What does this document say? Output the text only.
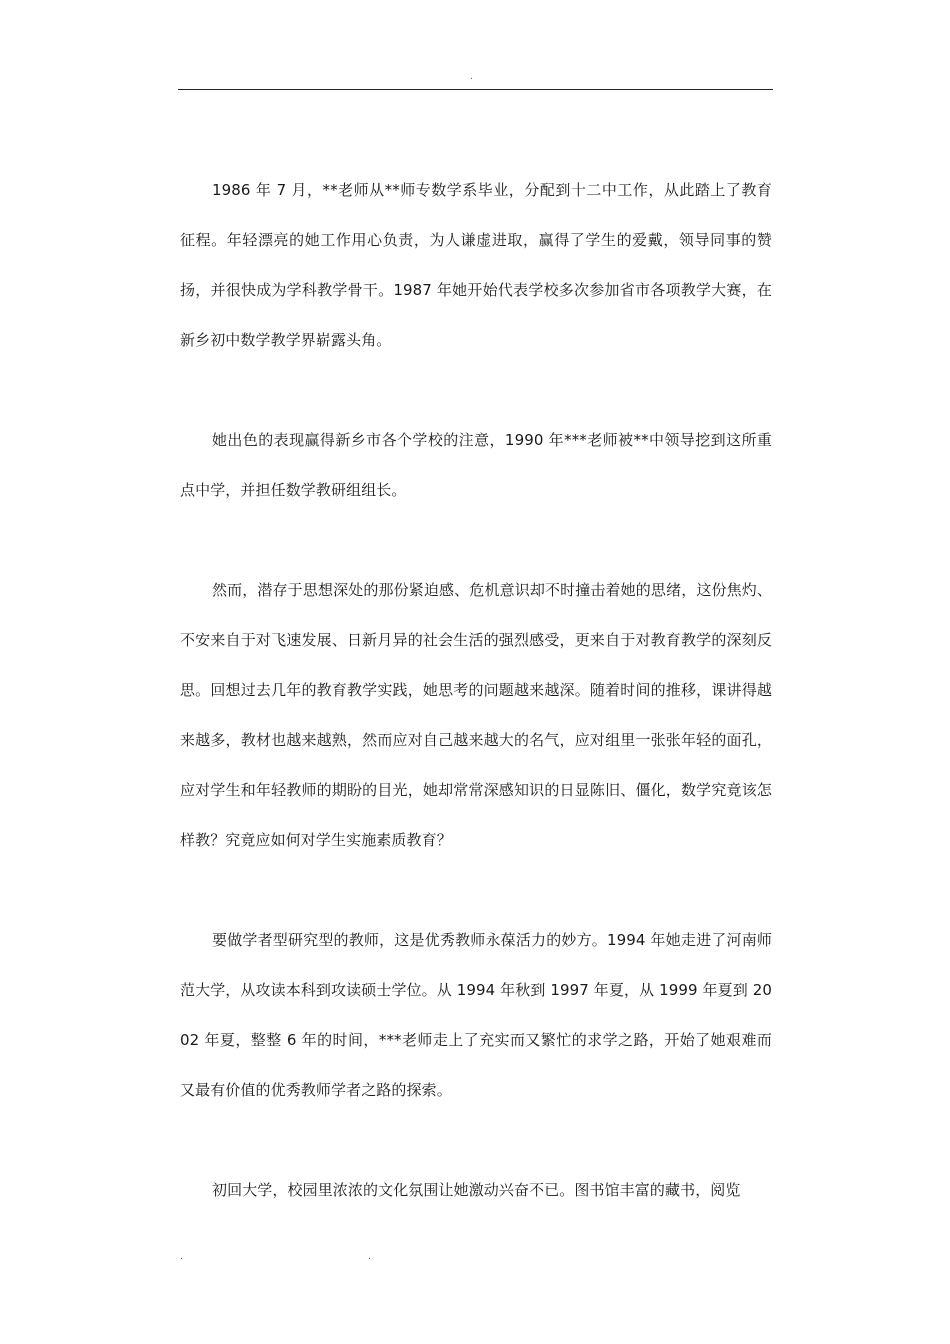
.

1986 年 7 月，**老师从**师专数学系毕业，分配到十二中工作，从此踏上了教育征程。年轻漂亮的她工作用心负责，为人谦虚进取，赢得了学生的爱戴，领导同事的赞扬，并很快成为学科教学骨干。1987 年她开始代表学校多次参加省市各项教学大赛，在新乡初中数学教学界崭露头角。

她出色的表现赢得新乡市各个学校的注意，1990 年***老师被**中领导挖到这所重点中学，并担任数学教研组组长。

然而，潜存于思想深处的那份紧迫感、危机意识却不时撞击着她的思绪，这份焦灼、不安来自于对飞速发展、日新月异的社会生活的强烈感受，更来自于对教育教学的深刻反思。回想过去几年的教育教学实践，她思考的问题越来越深。随着时间的推移，课讲得越来越多，教材也越来越熟，然而应对自己越来越大的名气，应对组里一张张年轻的面孔，应对学生和年轻教师的期盼的目光，她却常常深感知识的日显陈旧、僵化，数学究竟该怎样教？究竟应如何对学生实施素质教育？

要做学者型研究型的教师，这是优秀教师永葆活力的妙方。1994 年她走进了河南师范大学，从攻读本科到攻读硕士学位。从 1994 年秋到 1997 年夏，从 1999 年夏到 2002 年夏，整整 6 年的时间，***老师走上了充实而又繁忙的求学之路，开始了她艰难而又最有价值的优秀教师学者之路的探索。

初回大学，校园里浓浓的文化氛围让她激动兴奋不已。图书馆丰富的藏书，阅览

.	.
